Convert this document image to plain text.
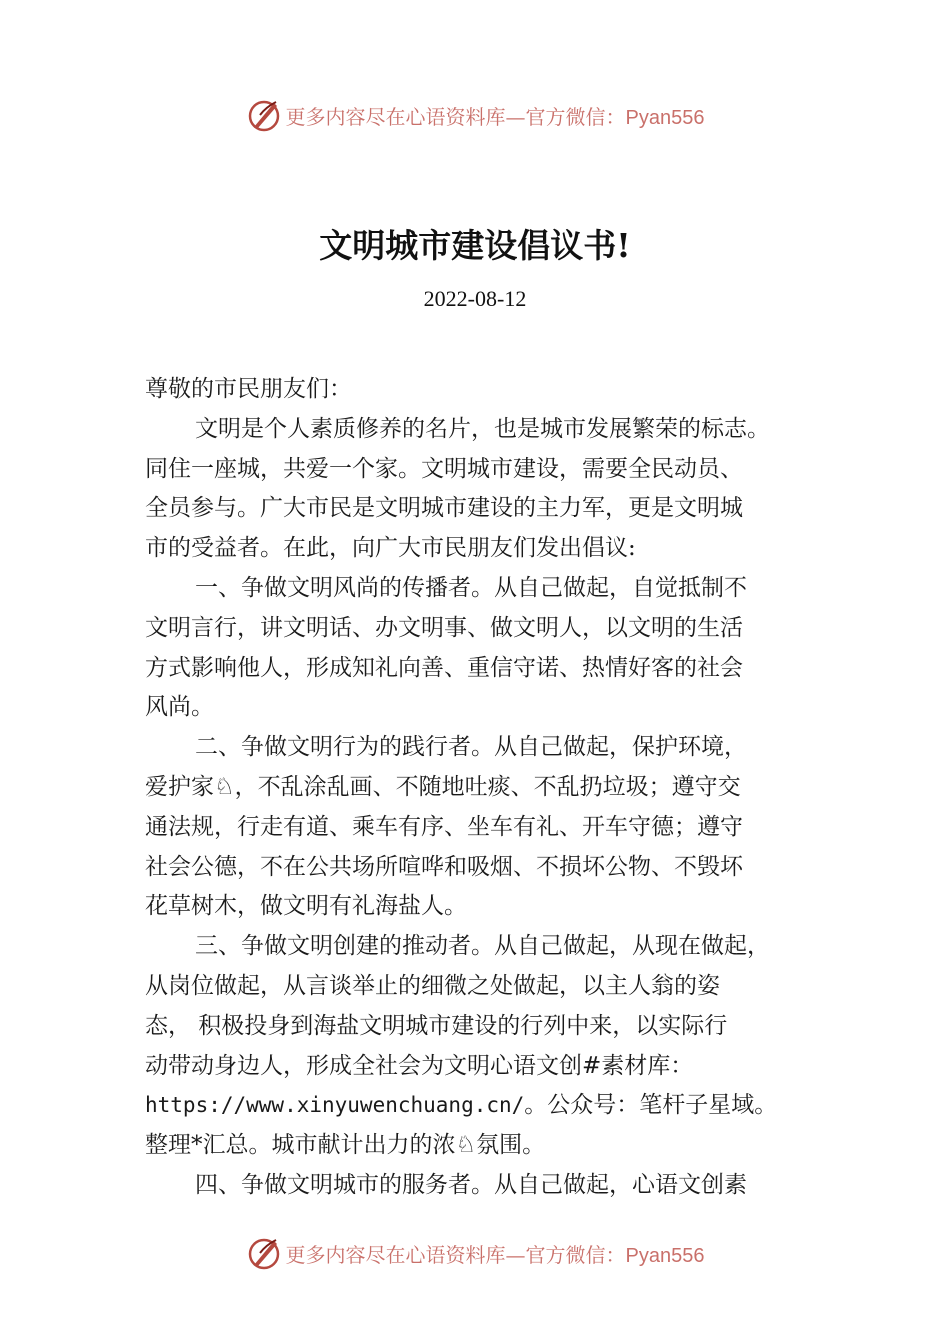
更多内容尽在心语资料库—官方微信：Pyan556
文明城市建设倡议书!
2022-08-12
尊敬的市民朋友们：
文明是个人素质修养的名片，也是城市发展繁荣的标志。
同住一座城，共爱一个家。文明城市建设，需要全民动员、
全员参与。广大市民是文明城市建设的主力军，更是文明城
市的受益者。在此，向广大市民朋友们发出倡议:
一、争做文明风尚的传播者。从自己做起，自觉抵制不
文明言行，讲文明话、办文明事、做文明人，以文明的生活
方式影响他人，形成知礼向善、重信守诺、热情好客的社会
风尚。
二、争做文明行为的践行者。从自己做起，保护环境，
爱护家♘，不乱涂乱画、不随地吐痰、不乱扔垃圾；遵守交
通法规，行走有道、乘车有序、坐车有礼、开车守德；遵守
社会公德，不在公共场所喧哗和吸烟、不损坏公物、不毁坏
花草树木，做文明有礼海盐人。
三、争做文明创建的推动者。从自己做起，从现在做起，
从岗位做起，从言谈举止的细微之处做起，以主人翁的姿
态， 积极投身到海盐文明城市建设的行列中来，以实际行
动带动身边人，形成全社会为文明心语文创#素材库：
https://www.xinyuwenchuang.cn/。公众号：笔杆子星域。
整理*汇总。城市献计出力的浓♘氛围。
四、争做文明城市的服务者。从自己做起，心语文创素
更多内容尽在心语资料库—官方微信：Pyan556
